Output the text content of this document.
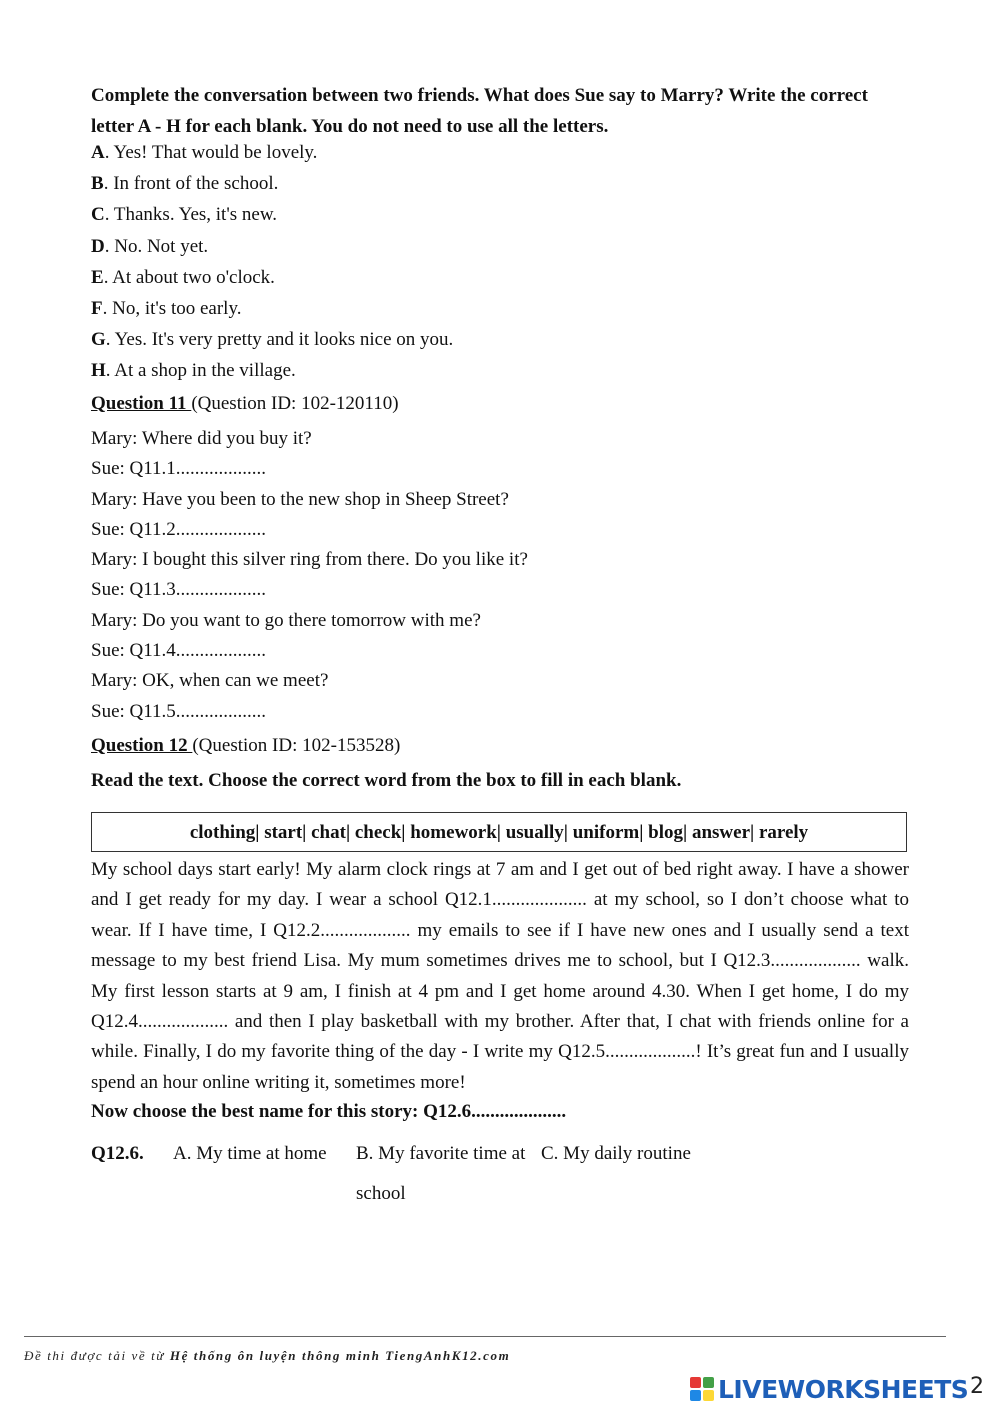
Complete the conversation between two friends. What does Sue say to Marry? Write the correct letter A - H for each blank. You do not need to use all the letters.
A. Yes! That would be lovely.
B. In front of the school.
C. Thanks. Yes, it's new.
D. No. Not yet.
E. At about two o'clock.
F. No, it's too early.
G. Yes. It's very pretty and it looks nice on you.
H. At a shop in the village.
Question 11 (Question ID: 102-120110)
Mary: Where did you buy it?
Sue: Q11.1...................
Mary: Have you been to the new shop in Sheep Street?
Sue: Q11.2...................
Mary: I bought this silver ring from there. Do you like it?
Sue: Q11.3...................
Mary: Do you want to go there tomorrow with me?
Sue: Q11.4...................
Mary: OK, when can we meet?
Sue: Q11.5...................
Question 12 (Question ID: 102-153528)
Read the text. Choose the correct word from the box to fill in each blank.
clothing| start| chat| check| homework| usually| uniform| blog| answer| rarely
My school days start early! My alarm clock rings at 7 am and I get out of bed right away. I have a shower and I get ready for my day. I wear a school Q12.1.................... at my school, so I don’t choose what to wear. If I have time, I Q12.2................... my emails to see if I have new ones and I usually send a text message to my best friend Lisa. My mum sometimes drives me to school, but I Q12.3................... walk. My first lesson starts at 9 am, I finish at 4 pm and I get home around 4.30. When I get home, I do my Q12.4................... and then I play basketball with my brother. After that, I chat with friends online for a while. Finally, I do my favorite thing of the day - I write my Q12.5...................! It’s great fun and I usually spend an hour online writing it, sometimes more!
Now choose the best name for this story: Q12.6....................
Q12.6. A. My time at home B. My favorite time at school
C. My daily routine
Đề thi được tải về từ Hệ thống ôn luyện thông minh TiengAnhK12.com
LIVEWORKSHEETS 2
